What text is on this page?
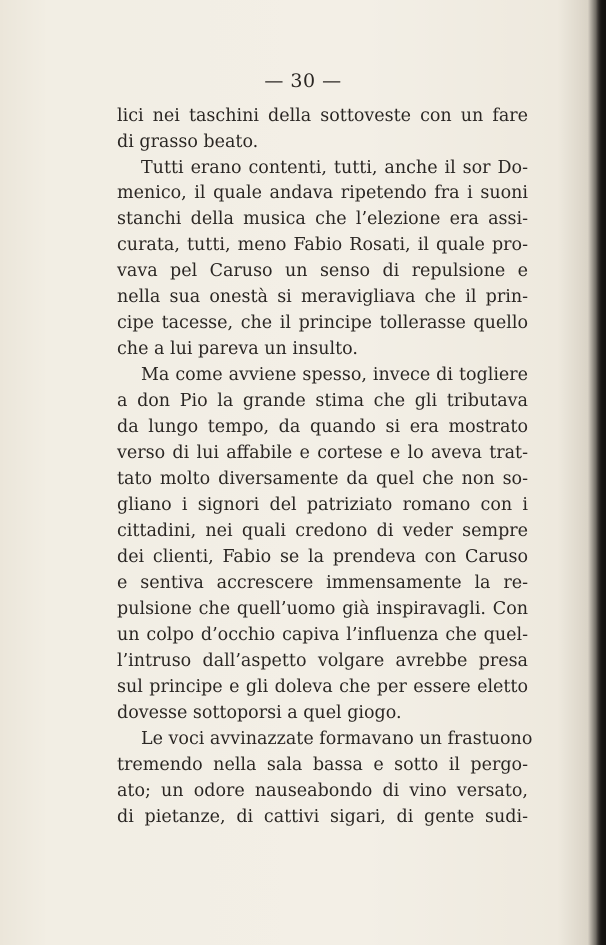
— 30 —
lici nei taschini della sottoveste con un fare
di grasso beato.
Tutti erano contenti, tutti, anche il sor Do-
menico, il quale andava ripetendo fra i suoni
stanchi della musica che l’elezione era assi-
curata, tutti, meno Fabio Rosati, il quale pro-
vava pel Caruso un senso di repulsione e
nella sua onestà si meravigliava che il prin-
cipe tacesse, che il principe tollerasse quello
che a lui pareva un insulto.
Ma come avviene spesso, invece di togliere
a don Pio la grande stima che gli tributava
da lungo tempo, da quando si era mostrato
verso di lui affabile e cortese e lo aveva trat-
tato molto diversamente da quel che non so-
gliano i signori del patriziato romano con i
cittadini, nei quali credono di veder sempre
dei clienti, Fabio se la prendeva con Caruso
e sentiva accrescere immensamente la re-
pulsione che quell’uomo già inspiravagli. Con
un colpo d’occhio capiva l’influenza che quel-
l’intruso dall’aspetto volgare avrebbe presa
sul principe e gli doleva che per essere eletto
dovesse sottoporsi a quel giogo.
Le voci avvinazzate formavano un frastuono
tremendo nella sala bassa e sotto il pergo-
ato; un odore nauseabondo di vino versato,
di pietanze, di cattivi sigari, di gente sudi-
